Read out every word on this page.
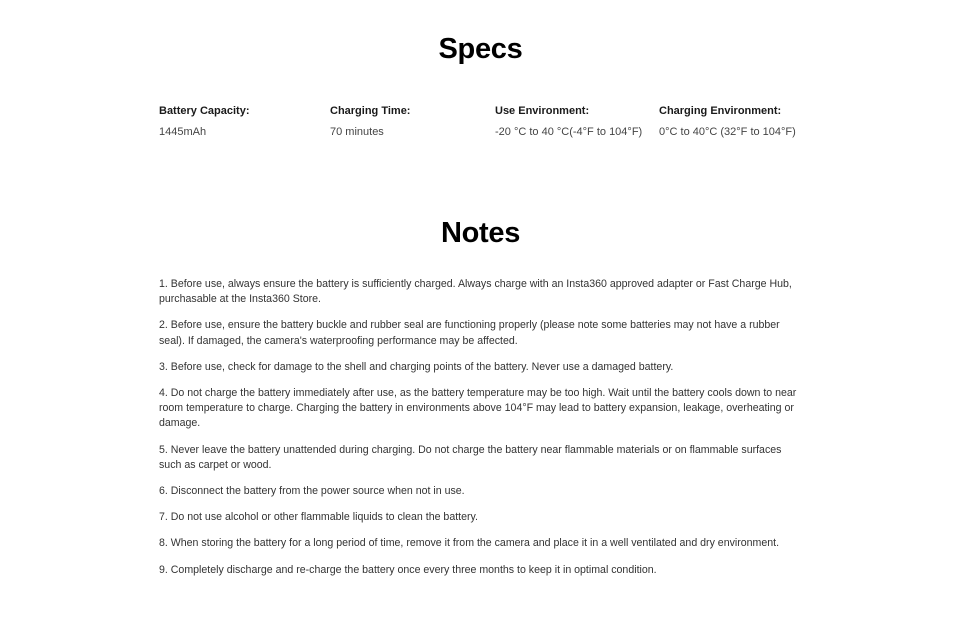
Specs
Battery Capacity:
1445mAh
Charging Time:
70 minutes
Use Environment:
-20 °C to 40 °C(-4°F to 104°F)
Charging Environment:
0°C to 40°C (32°F to 104°F)
Notes
1. Before use, always ensure the battery is sufficiently charged. Always charge with an Insta360 approved adapter or Fast Charge Hub, purchasable at the Insta360 Store.
2. Before use, ensure the battery buckle and rubber seal are functioning properly (please note some batteries may not have a rubber seal). If damaged, the camera's waterproofing performance may be affected.
3. Before use, check for damage to the shell and charging points of the battery. Never use a damaged battery.
4. Do not charge the battery immediately after use, as the battery temperature may be too high. Wait until the battery cools down to near room temperature to charge. Charging the battery in environments above 104°F may lead to battery expansion, leakage, overheating or damage.
5. Never leave the battery unattended during charging. Do not charge the battery near flammable materials or on flammable surfaces such as carpet or wood.
6. Disconnect the battery from the power source when not in use.
7. Do not use alcohol or other flammable liquids to clean the battery.
8. When storing the battery for a long period of time, remove it from the camera and place it in a well ventilated and dry environment.
9. Completely discharge and re-charge the battery once every three months to keep it in optimal condition.
